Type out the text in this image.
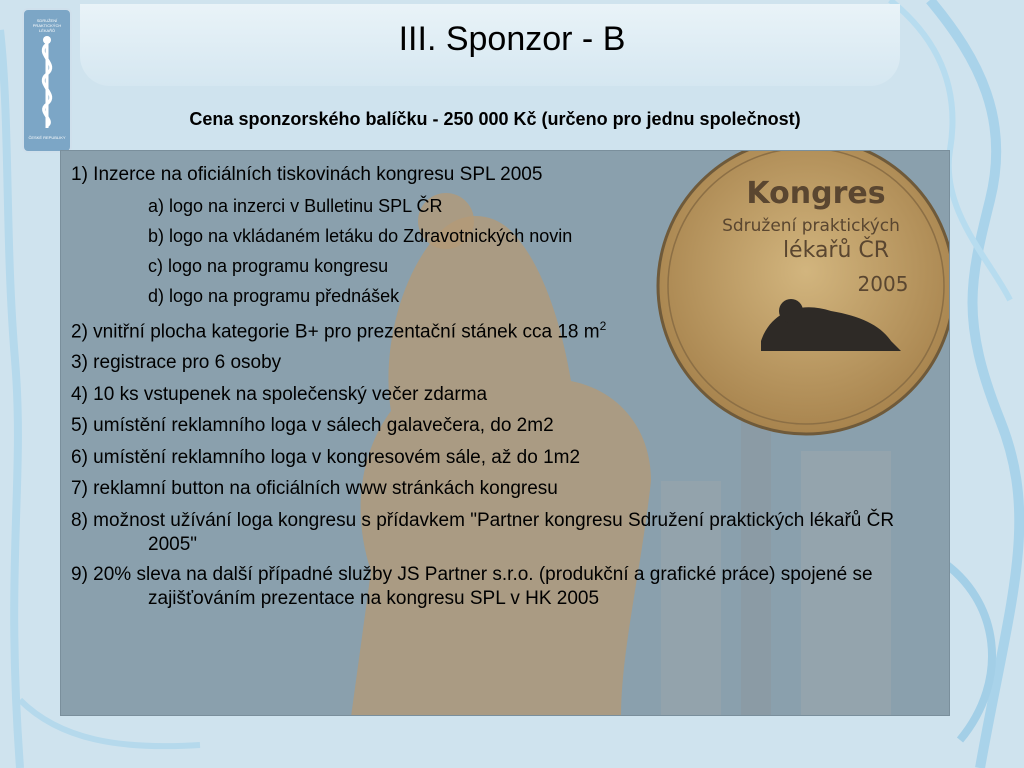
SDRUŽENÍ PRAKTICKÝCH LÉKAŘŮ
ČESKÉ REPUBLIKY
III. Sponzor - B
Cena sponzorského balíčku - 250 000 Kč (určeno pro jednu společnost)
Kongres
Sdružení praktických
lékařů ČR
2005
1) Inzerce na oficiálních tiskovinách kongresu SPL 2005
a) logo na inzerci v Bulletinu SPL ČR
b) logo na vkládaném letáku do Zdravotnických novin
c) logo na programu kongresu
d) logo na programu přednášek
2) vnitřní plocha kategorie B+ pro prezentační stánek cca 18 $m^2$
3) registrace pro 6 osoby
4) 10 ks vstupenek na společenský večer zdarma
5) umístění reklamního loga v sálech galavečera, do 2m2
6) umístění reklamního loga v kongresovém sále, až do 1m2
7) reklamní button na oficiálních www stránkách kongresu
8) možnost užívání loga kongresu s přídavkem "Partner kongresu Sdružení praktických lékařů ČR 2005"
9) 20% sleva na další případné služby JS Partner s.r.o. (produkční a grafické práce) spojené se zajišťováním prezentace na kongresu SPL v HK 2005
